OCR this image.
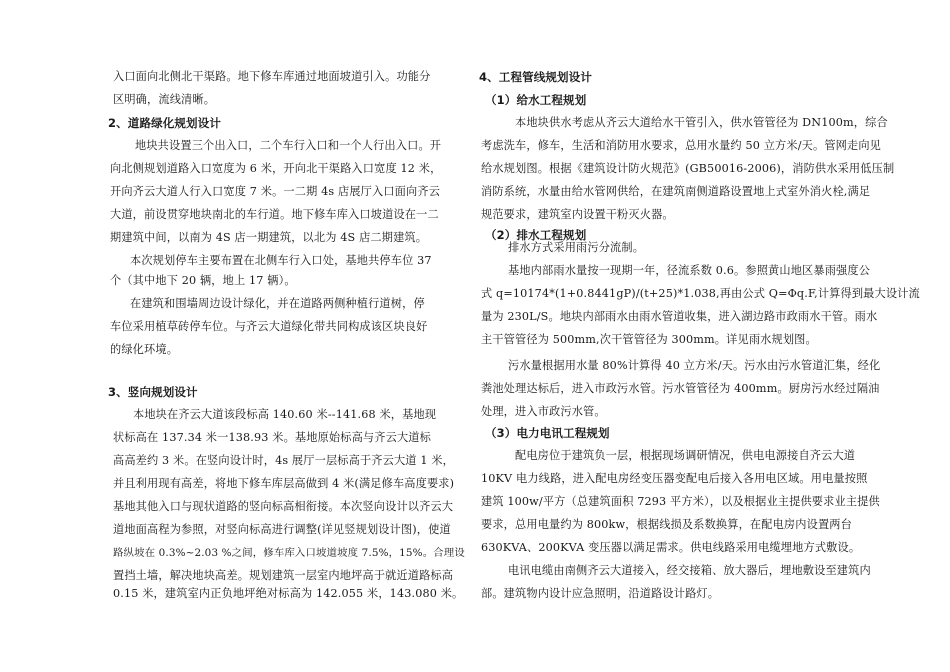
入口面向北侧北干渠路。地下修车库通过地面坡道引入。功能分
区明确，流线清晰。
2、道路绿化规划设计
地块共设置三个出入口，二个车行入口和一个人行出入口。开
向北侧规划道路入口宽度为 6 米，开向北干渠路入口宽度 12 米，
开向齐云大道人行入口宽度 7 米。一二期 4s 店展厅入口面向齐云
大道，前设贯穿地块南北的车行道。地下修车库入口坡道设在一二
期建筑中间，以南为 4S 店一期建筑，以北为 4S 店二期建筑。
本次规划停车主要布置在北侧车行入口处，基地共停车位 37
个（其中地下 20 辆，地上 17 辆）。
在建筑和围墙周边设计绿化，并在道路两侧种植行道树，停
车位采用植草砖停车位。与齐云大道绿化带共同构成该区块良好
的绿化环境。
3、竖向规划设计
本地块在齐云大道该段标高 140.60 米--141.68 米，基地现
状标高在 137.34 米一138.93 米。基地原始标高与齐云大道标
高高差约 3 米。在竖向设计时，4s 展厅一层标高于齐云大道 1 米，
并且利用现有高差，将地下修车库层高做到 4 米(满足修车高度要求)
基地其他入口与现状道路的竖向标高相衔接。本次竖向设计以齐云大
道地面高程为参照，对竖向标高进行调整(详见竖规划设计图)，使道
路纵坡在 0.3%~2.03 %之间，修车库入口坡道坡度 7.5%，15%。合理设
置挡土墙，解决地块高差。规划建筑一层室内地坪高于就近道路标高
0.15 米，建筑室内正负地坪绝对标高为 142.055 米，143.080 米。
4、工程管线规划设计
（1）给水工程规划
本地块供水考虑从齐云大道给水干管引入，供水管管径为 DN100m，综合
考虑洗车，修车，生活和消防用水要求，总用水量约 50 立方米/天。管网走向见
给水规划图。根据《建筑设计防火规范》(GB50016-2006)，消防供水采用低压制
消防系统，水量由给水管网供给，在建筑南侧道路设置地上式室外消火栓,满足
规范要求，建筑室内设置干粉灭火器。
（2）排水工程规划
排水方式采用雨污分流制。
基地内部雨水量按一现期一年，径流系数 0.6。参照黄山地区暴雨强度公
式 q=10174*(1+0.8441gP)/(t+25)*1.038,再由公式 Q=Φq.F,计算得到最大设计流
量为 230L/S。地块内部雨水由雨水管道收集，进入湖边路市政雨水干管。雨水
主干管管径为 500mm,次干管管径为 300mm。详见雨水规划图。
污水量根据用水量 80%计算得 40 立方米/天。污水由污水管道汇集，经化
粪池处理达标后，进入市政污水管。污水管管径为 400mm。厨房污水经过隔油
处理，进入市政污水管。
（3）电力电讯工程规划
配电房位于建筑负一层，根据现场调研情况，供电电源接自齐云大道
10KV 电力线路，进入配电房经变压器变配电后接入各用电区域。用电量按照
建筑 100w/平方（总建筑面积 7293 平方米），以及根据业主提供要求业主提供
要求，总用电量约为 800kw，根据线损及系数换算，在配电房内设置两台
630KVA、200KVA 变压器以满足需求。供电线路采用电缆埋地方式敷设。
电讯电缆由南侧齐云大道接入，经交接箱、放大器后，埋地敷设至建筑内
部。建筑物内设计应急照明，沿道路设计路灯。
